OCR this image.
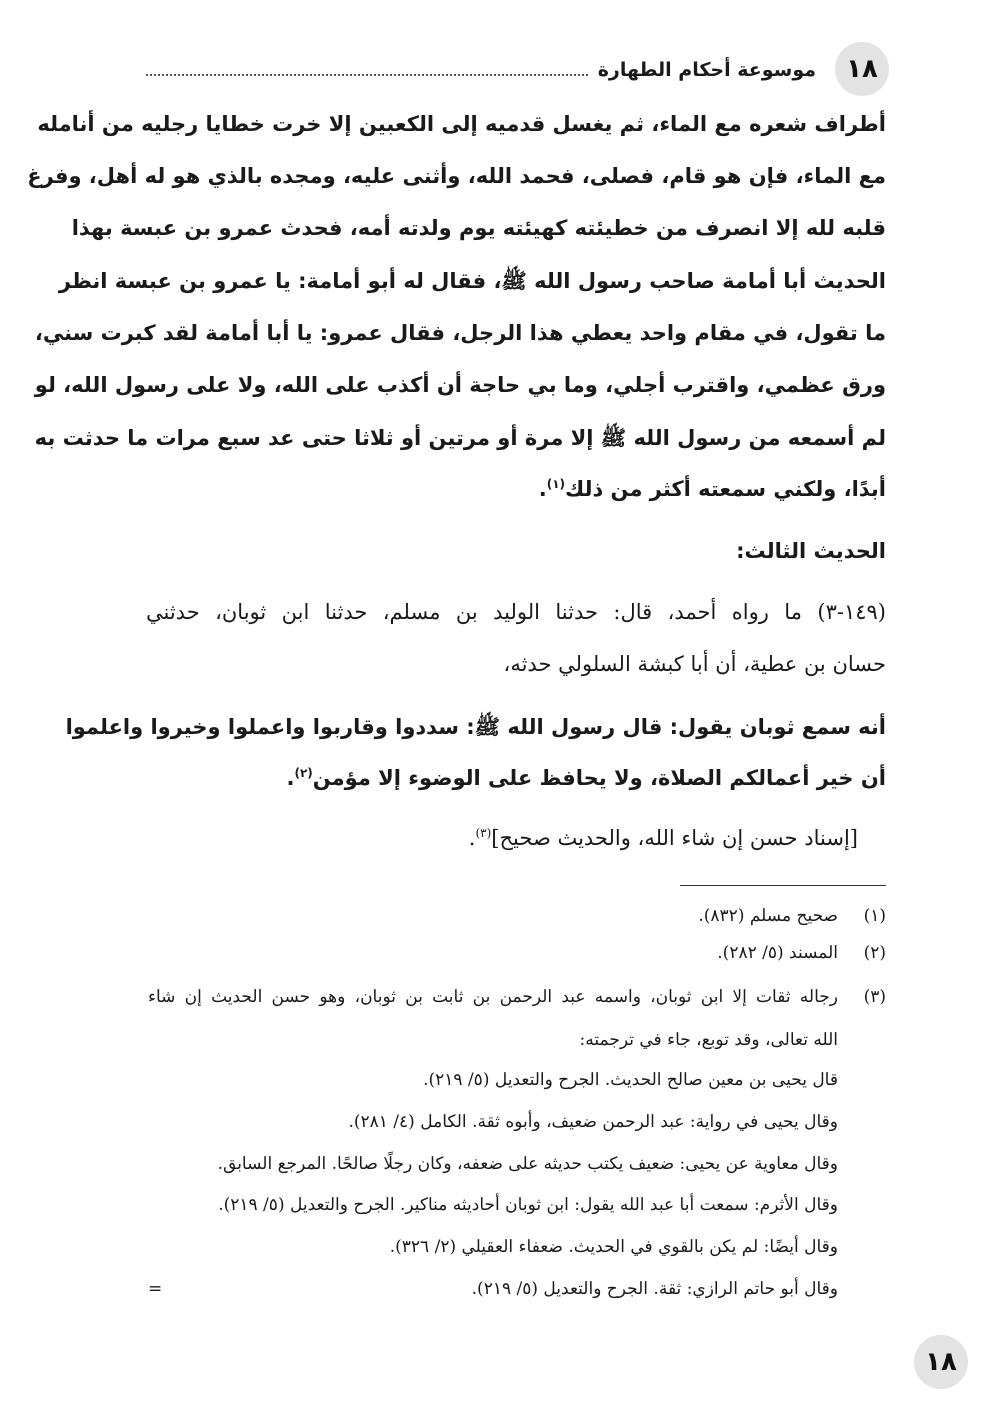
١٨
موسوعة أحكام الطهارة
أطراف شعره مع الماء، ثم يغسل قدميه إلى الكعبين إلا خرت خطايا رجليه من أنامله
مع الماء، فإن هو قام، فصلى، فحمد الله، وأثنى عليه، ومجده بالذي هو له أهل، وفرغ
قلبه لله إلا انصرف من خطيئته كهيئته يوم ولدته أمه، فحدث عمرو بن عبسة بهذا
الحديث أبا أمامة صاحب رسول الله ﷺ، فقال له أبو أمامة: يا عمرو بن عبسة انظر
ما تقول، في مقام واحد يعطي هذا الرجل، فقال عمرو: يا أبا أمامة لقد كبرت سني،
ورق عظمي، واقترب أجلي، وما بي حاجة أن أكذب على الله، ولا على رسول الله، لو
لم أسمعه من رسول الله ﷺ إلا مرة أو مرتين أو ثلاثا حتى عد سبع مرات ما حدثت به
أبدًا، ولكني سمعته أكثر من ذلك$^{(١)}$.
الحديث الثالث:
(١٤٩-٣) ما رواه أحمد، قال: حدثنا الوليد بن مسلم، حدثنا ابن ثوبان، حدثني
حسان بن عطية، أن أبا كبشة السلولي حدثه،
أنه سمع ثوبان يقول: قال رسول الله ﷺ: سددوا وقاربوا واعملوا وخيروا واعلموا
أن خير أعمالكم الصلاة، ولا يحافظ على الوضوء إلا مؤمن$^{(٢)}$.
[إسناد حسن إن شاء الله، والحديث صحيح]$^{(٣)}$.
(١)
صحيح مسلم (٨٣٢).
(٢)
المسند (٥/ ٢٨٢).
(٣)
رجاله ثقات إلا ابن ثوبان، واسمه عبد الرحمن بن ثابت بن ثوبان، وهو حسن الحديث إن شاء
الله تعالى، وقد توبع، جاء في ترجمته:
قال يحيى بن معين صالح الحديث. الجرح والتعديل (٥/ ٢١٩).
وقال يحيى في رواية: عبد الرحمن ضعيف، وأبوه ثقة. الكامل (٤/ ٢٨١).
وقال معاوية عن يحيى: ضعيف يكتب حديثه على ضعفه، وكان رجلًا صالحًا. المرجع السابق.
وقال الأثرم: سمعت أبا عبد الله يقول: ابن ثوبان أحاديثه مناكير. الجرح والتعديل (٥/ ٢١٩).
وقال أيضًا: لم يكن بالقوي في الحديث. ضعفاء العقيلي (٢/ ٣٢٦).
وقال أبو حاتم الرازي: ثقة. الجرح والتعديل (٥/ ٢١٩).
=
١٨
